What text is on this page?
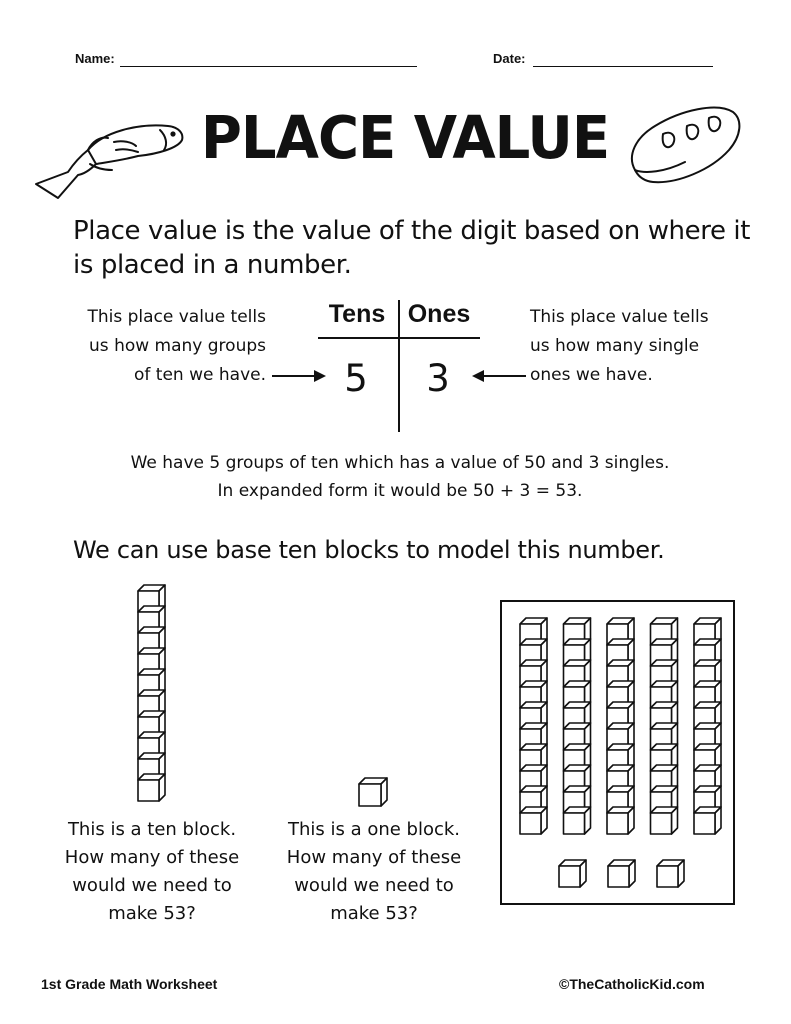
Name:	Date:
PLACE VALUE
Place value is the value of the digit based on where it
is placed in a number.
This place value tells
us how many groups
of ten we have.
This place value tells
us how many single
ones we have.
Tens Ones
5	3
We have 5 groups of ten which has a value of 50 and 3 singles.
In expanded form it would be 50 + 3 = 53.
We can use base ten blocks to model this number.
This is a ten block.
How many of these
would we need to
make 53?
This is a one block.
How many of these
would we need to
make 53?
1st Grade Math Worksheet	©TheCatholicKid.com
